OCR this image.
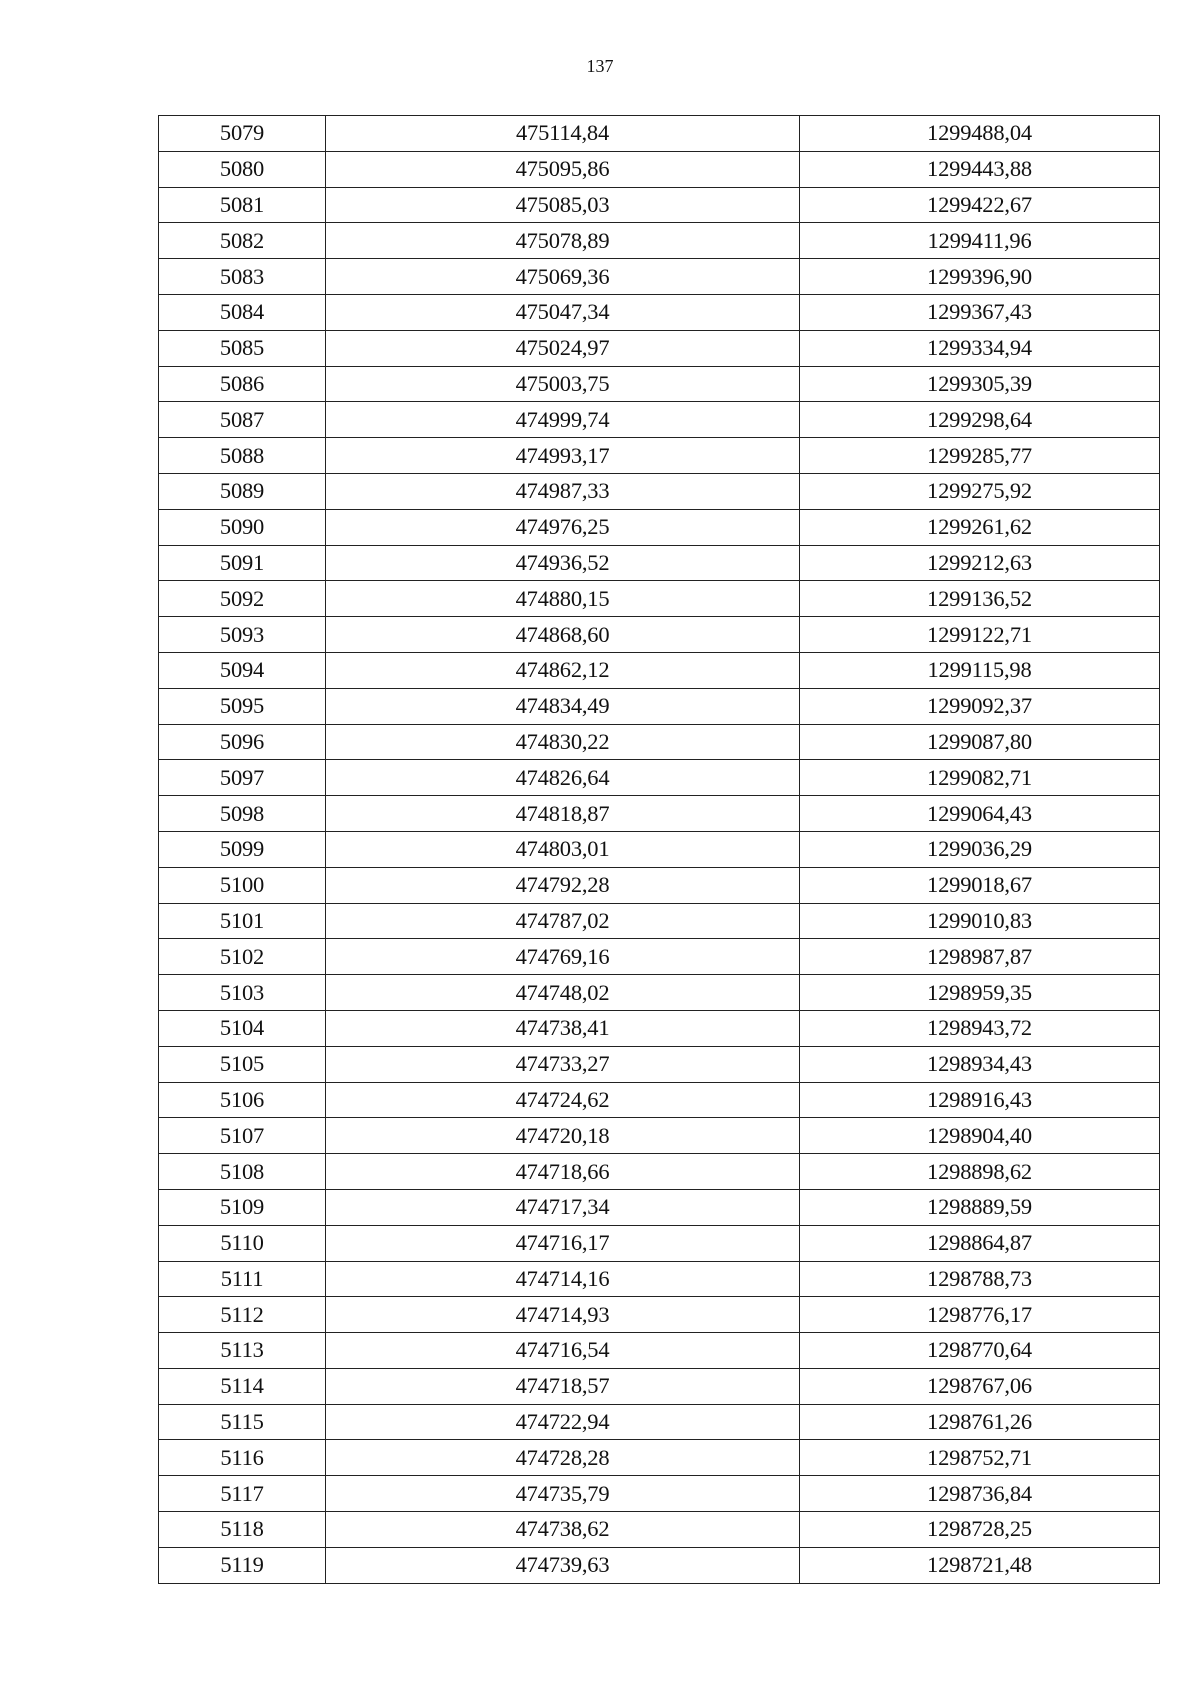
137
5079	475114,84	1299488,04
5080	475095,86	1299443,88
5081	475085,03	1299422,67
5082	475078,89	1299411,96
5083	475069,36	1299396,90
5084	475047,34	1299367,43
5085	475024,97	1299334,94
5086	475003,75	1299305,39
5087	474999,74	1299298,64
5088	474993,17	1299285,77
5089	474987,33	1299275,92
5090	474976,25	1299261,62
5091	474936,52	1299212,63
5092	474880,15	1299136,52
5093	474868,60	1299122,71
5094	474862,12	1299115,98
5095	474834,49	1299092,37
5096	474830,22	1299087,80
5097	474826,64	1299082,71
5098	474818,87	1299064,43
5099	474803,01	1299036,29
5100	474792,28	1299018,67
5101	474787,02	1299010,83
5102	474769,16	1298987,87
5103	474748,02	1298959,35
5104	474738,41	1298943,72
5105	474733,27	1298934,43
5106	474724,62	1298916,43
5107	474720,18	1298904,40
5108	474718,66	1298898,62
5109	474717,34	1298889,59
5110	474716,17	1298864,87
5111	474714,16	1298788,73
5112	474714,93	1298776,17
5113	474716,54	1298770,64
5114	474718,57	1298767,06
5115	474722,94	1298761,26
5116	474728,28	1298752,71
5117	474735,79	1298736,84
5118	474738,62	1298728,25
5119	474739,63	1298721,48
